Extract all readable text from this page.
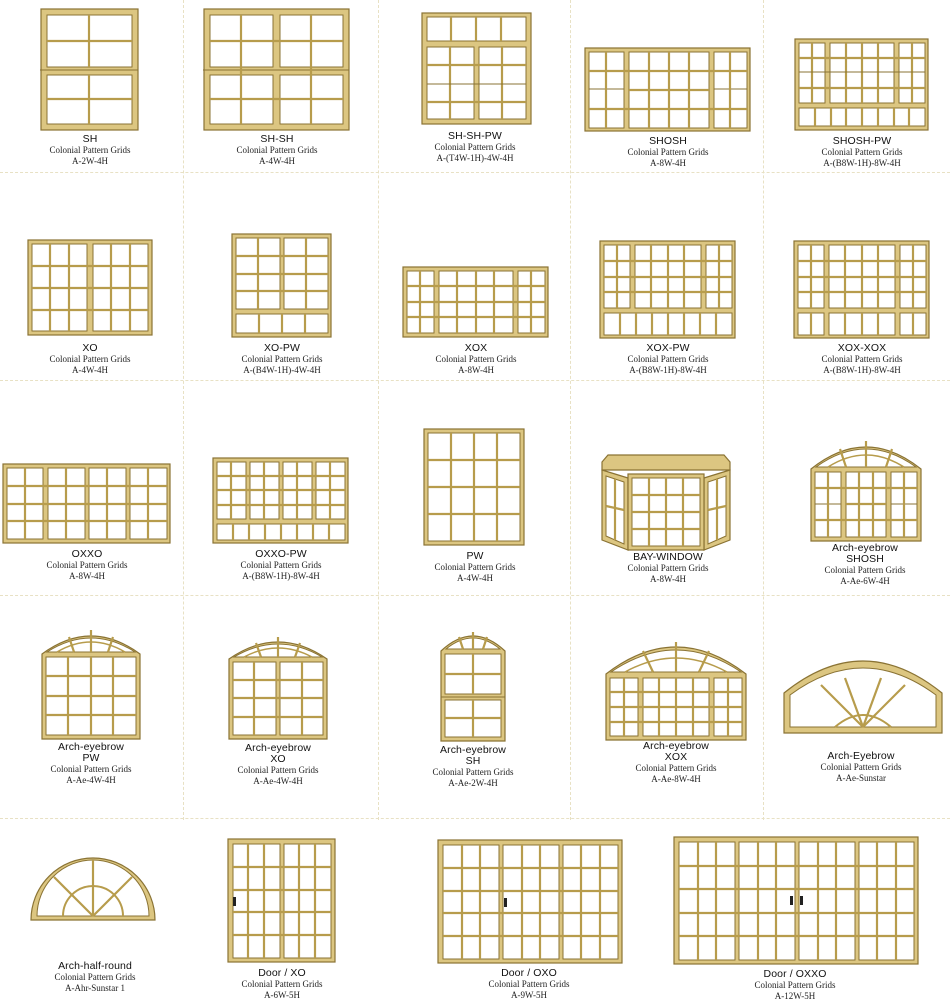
SH
Colonial Pattern Grids
A-2W-4H
SH-SH
Colonial Pattern Grids
A-4W-4H
SH-SH-PW
Colonial Pattern Grids
A-(T4W-1H)-4W-4H
SHOSH
Colonial Pattern Grids
A-8W-4H
SHOSH-PW
Colonial Pattern Grids
A-(B8W-1H)-8W-4H
XO
Colonial Pattern Grids
A-4W-4H
XO-PW
Colonial Pattern Grids
A-(B4W-1H)-4W-4H
XOX
Colonial Pattern Grids
A-8W-4H
XOX-PW
Colonial Pattern Grids
A-(B8W-1H)-8W-4H
XOX-XOX
Colonial Pattern Grids
A-(B8W-1H)-8W-4H
OXXO
Colonial Pattern Grids
A-8W-4H
OXXO-PW
Colonial Pattern Grids
A-(B8W-1H)-8W-4H
PW
Colonial Pattern Grids
A-4W-4H
BAY-WINDOW
Colonial Pattern Grids
A-8W-4H
Arch-eyebrow
SHOSH
Colonial Pattern Grids
A-Ae-6W-4H
Arch-eyebrow
PW
Colonial Pattern Grids
A-Ae-4W-4H
Arch-eyebrow
XO
Colonial Pattern Grids
A-Ae-4W-4H
Arch-eyebrow
SH
Colonial Pattern Grids
A-Ae-2W-4H
Arch-eyebrow
XOX
Colonial Pattern Grids
A-Ae-8W-4H
Arch-Eyebrow
Colonial Pattern Grids
A-Ae-Sunstar
Arch-half-round
Colonial Pattern Grids
A-Ahr-Sunstar 1
Door / XO
Colonial Pattern Grids
A-6W-5H
Door / OXO
Colonial Pattern Grids
A-9W-5H
Door / OXXO
Colonial Pattern Grids
A-12W-5H
